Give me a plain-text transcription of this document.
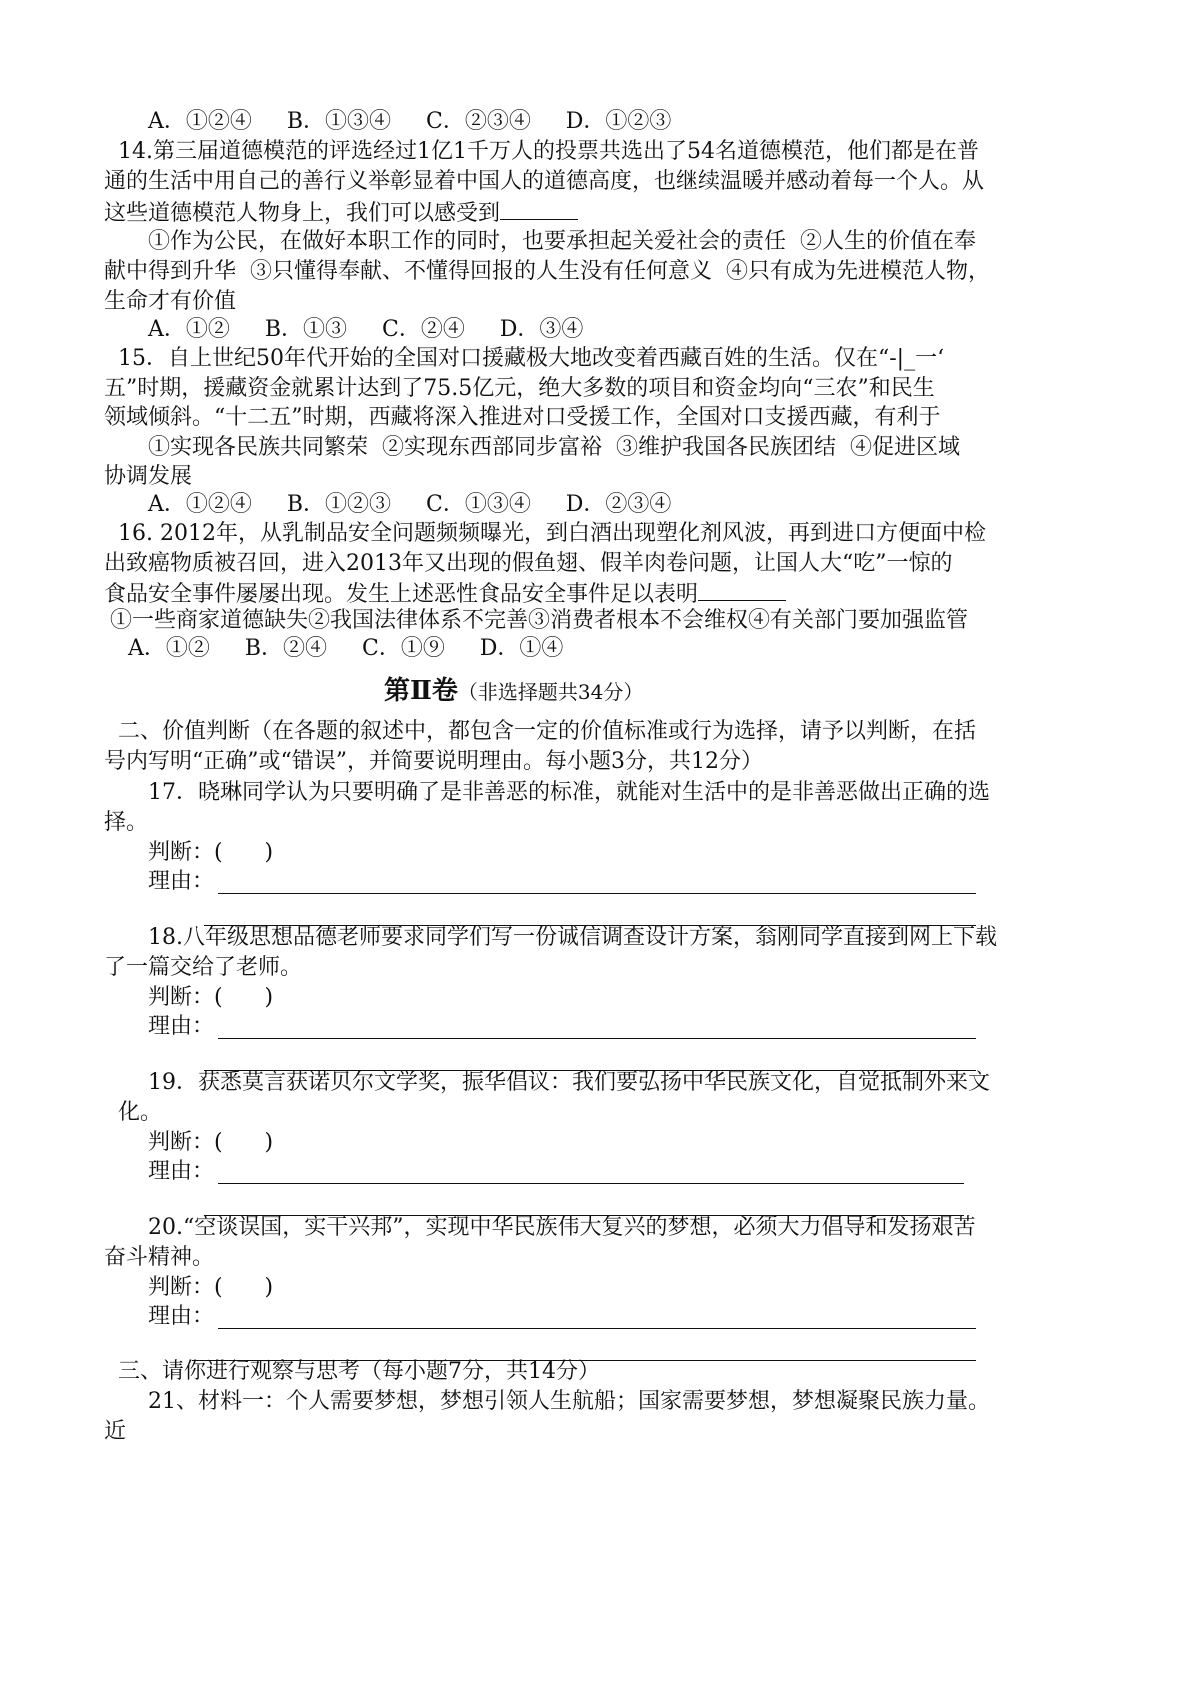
A．①②④     B．①③④     C．②③④     D．①②③
14.第三届道德模范的评选经过1亿1千万人的投票共选出了54名道德模范，他们都是在普
通的生活中用自己的善行义举彰显着中国人的道德高度，也继续温暖并感动着每一个人。从
这些道德模范人物身上，我们可以感受到
①作为公民，在做好本职工作的同时，也要承担起关爱社会的责任  ②人生的价值在奉
献中得到升华  ③只懂得奉献、不懂得回报的人生没有任何意义  ④只有成为先进模范人物，
生命才有价值
A．①②     B．①③     C．②④     D．③④
15．自上世纪50年代开始的全国对口援藏极大地改变着西藏百姓的生活。仅在“-|_一‘
五”时期，援藏资金就累计达到了75.5亿元，绝大多数的项目和资金均向“三农”和民生
领域倾斜。“十二五”时期，西藏将深入推进对口受援工作，全国对口支援西藏，有利于
①实现各民族共同繁荣  ②实现东西部同步富裕  ③维护我国各民族团结  ④促进区域
协调发展
A．①②④     B．①②③     C．①③④     D．②③④
16. 2012年，从乳制品安全问题频频曝光，到白酒出现塑化剂风波，再到进口方便面中检
出致癌物质被召回，进入2013年又出现的假鱼翅、假羊肉卷问题，让国人大“吃”一惊的
食品安全事件屡屡出现。发生上述恶性食品安全事件足以表明
①一些商家道德缺失②我国法律体系不完善③消费者根本不会维权④有关部门要加强监管
A．①②     B．②④     C．①⑨     D．①④
第Ⅱ卷（非选择题共34分）
二、价值判断（在各题的叙述中，都包含一定的价值标准或行为选择，请予以判断，在括
号内写明“正确”或“错误”，并简要说明理由。每小题3分，共12分）
17．晓琳同学认为只要明确了是非善恶的标准，就能对生活中的是非善恶做出正确的选
择。
判断：(      )
理由：
18.八年级思想品德老师要求同学们写一份诚信调查设计方案，翁刚同学直接到网上下载
了一篇交给了老师。
判断：(      )
理由：
19．获悉莫言获诺贝尔文学奖，振华倡议：我们要弘扬中华民族文化，自觉抵制外来文
化。
判断：(      )
理由：
20.“空谈误国，实干兴邦”，实现中华民族伟大复兴的梦想，必须大力倡导和发扬艰苦
奋斗精神。
判断：(      )
理由：
三、请你进行观察与思考（每小题7分，共14分）
21、材料一：个人需要梦想，梦想引领人生航船；国家需要梦想，梦想凝聚民族力量。
近
